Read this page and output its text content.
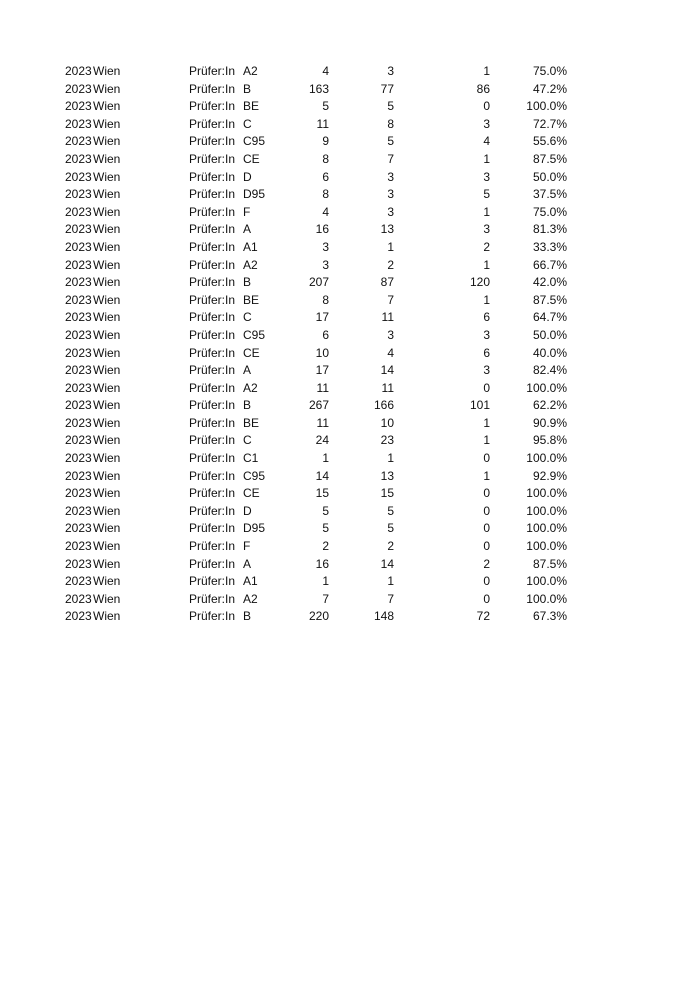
2023 Wien	Prüfer:In A2	4	3	1	75.0%
2023 Wien	Prüfer:In B	163	77	86	47.2%
2023 Wien	Prüfer:In BE	5	5	0	100.0%
2023 Wien	Prüfer:In C	11	8	3	72.7%
2023 Wien	Prüfer:In C95	9	5	4	55.6%
2023 Wien	Prüfer:In CE	8	7	1	87.5%
2023 Wien	Prüfer:In D	6	3	3	50.0%
2023 Wien	Prüfer:In D95	8	3	5	37.5%
2023 Wien	Prüfer:In F	4	3	1	75.0%
2023 Wien	Prüfer:In A	16	13	3	81.3%
2023 Wien	Prüfer:In A1	3	1	2	33.3%
2023 Wien	Prüfer:In A2	3	2	1	66.7%
2023 Wien	Prüfer:In B	207	87	120	42.0%
2023 Wien	Prüfer:In BE	8	7	1	87.5%
2023 Wien	Prüfer:In C	17	11	6	64.7%
2023 Wien	Prüfer:In C95	6	3	3	50.0%
2023 Wien	Prüfer:In CE	10	4	6	40.0%
2023 Wien	Prüfer:In A	17	14	3	82.4%
2023 Wien	Prüfer:In A2	11	11	0	100.0%
2023 Wien	Prüfer:In B	267	166	101	62.2%
2023 Wien	Prüfer:In BE	11	10	1	90.9%
2023 Wien	Prüfer:In C	24	23	1	95.8%
2023 Wien	Prüfer:In C1	1	1	0	100.0%
2023 Wien	Prüfer:In C95	14	13	1	92.9%
2023 Wien	Prüfer:In CE	15	15	0	100.0%
2023 Wien	Prüfer:In D	5	5	0	100.0%
2023 Wien	Prüfer:In D95	5	5	0	100.0%
2023 Wien	Prüfer:In F	2	2	0	100.0%
2023 Wien	Prüfer:In A	16	14	2	87.5%
2023 Wien	Prüfer:In A1	1	1	0	100.0%
2023 Wien	Prüfer:In A2	7	7	0	100.0%
2023 Wien	Prüfer:In B	220	148	72	67.3%
